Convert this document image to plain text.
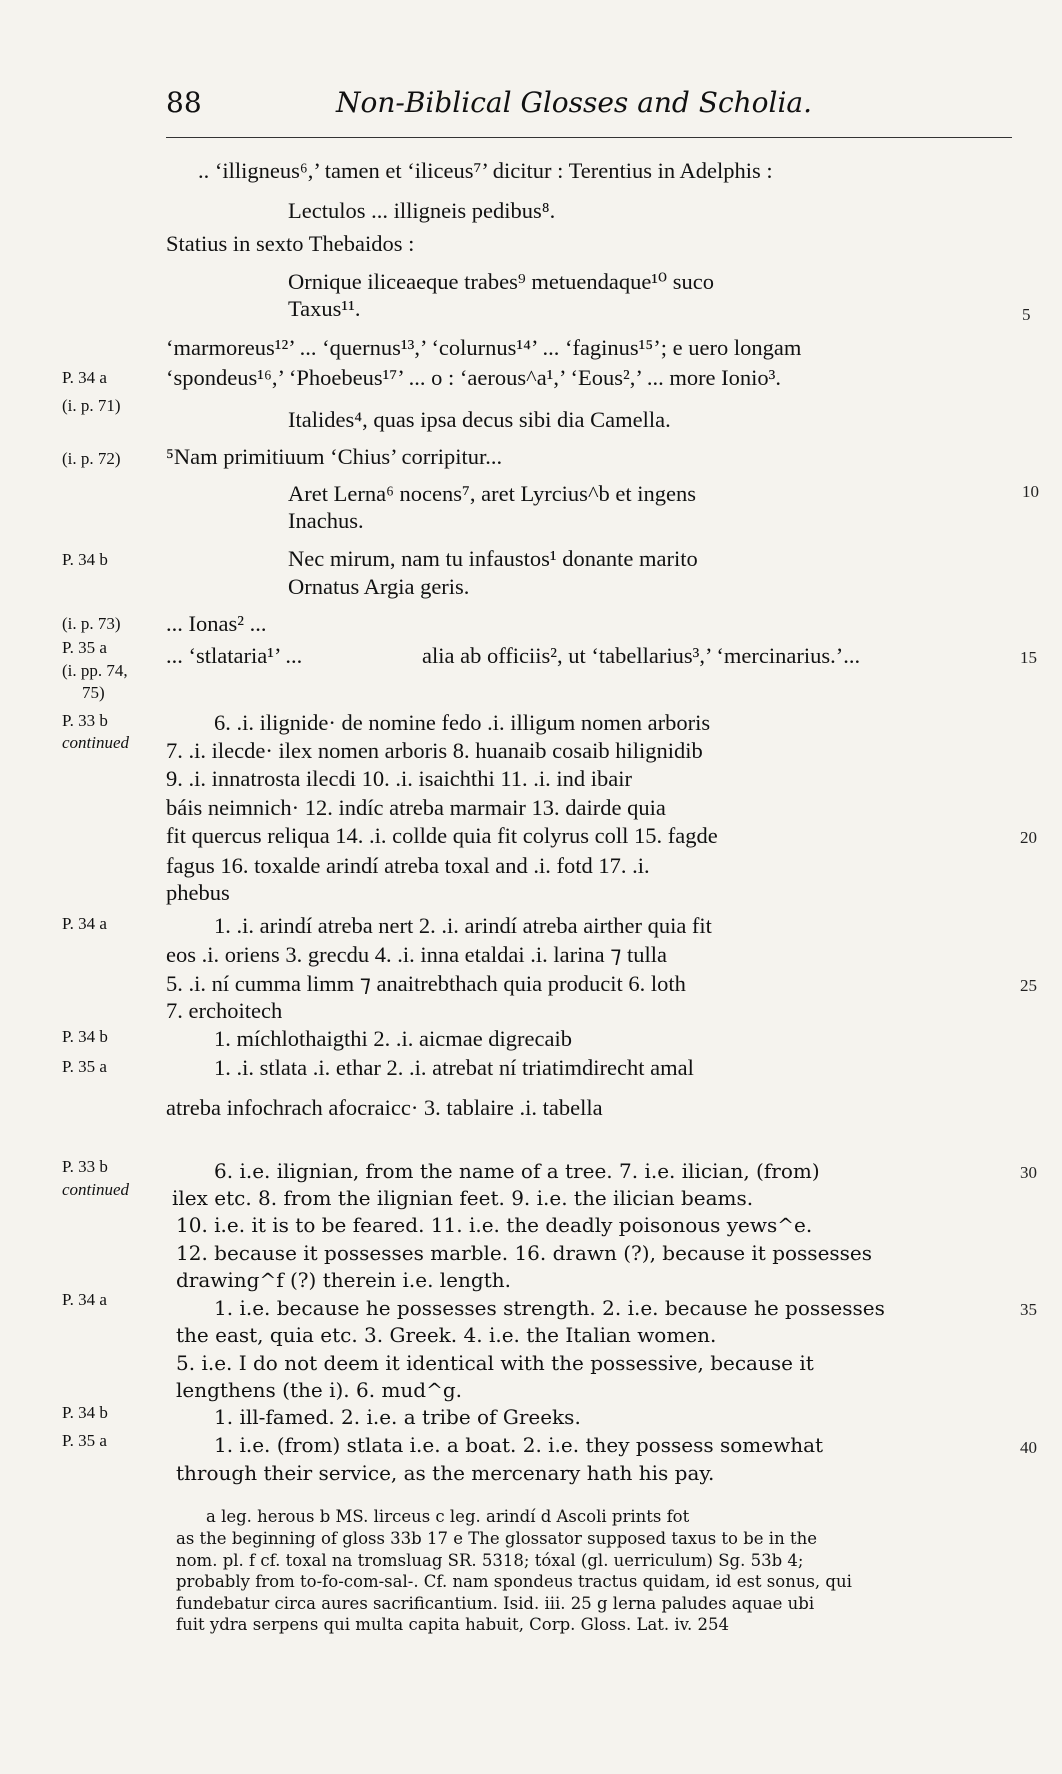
88	Non-Biblical Glosses and Scholia.
P. 34 a
(i. p. 71)
(i. p. 72)
P. 34 b
(i. p. 73)
P. 35 a
(i. pp. 74,
75)
P. 33 b
continued
P. 34 a
P. 34 b
P. 35 a
P. 33 b
continued
P. 34 a
P. 34 b
P. 35 a
5
10
15
20
25
30
35
40
.. ‘illigneus⁶,’ tamen et ‘iliceus⁷’ dicitur : Terentius in Adelphis :
Lectulos ... illigneis pedibus⁸.
Statius in sexto Thebaidos :
Ornique iliceaeque trabes⁹ metuendaque¹⁰ suco
Taxus¹¹.
‘marmoreus¹²’ ... ‘quernus¹³,’ ‘colurnus¹⁴’ ... ‘faginus¹⁵’; e uero longam
‘spondeus¹⁶,’ ‘Phoebeus¹⁷’ ... o : ‘aerous^a¹,’ ‘Eous²,’ ... more Ionio³.
Italides⁴, quas ipsa decus sibi dia Camella.
⁵Nam primitiuum ‘Chius’ corripitur...
Aret Lerna⁶ nocens⁷, aret Lyrcius^b et ingens
Inachus.
Nec mirum, nam tu infaustos¹ donante marito
Ornatus Argia geris.
... Ionas² ...
... ‘stlataria¹’ ...	alia ab officiis², ut ‘tabellarius³,’ ‘mercinarius.’...
6. .i. ilignide· de nomine fedo .i. illigum nomen arboris
7. .i. ilecde· ilex nomen arboris 8. huanaib cosaib hilignidib
9. .i. innatrosta ilecdi 10. .i. isaichthi 11. .i. ind ibair
báis neimnich· 12. indíc atreba marmair 13. dairde quia
fit quercus reliqua 14. .i. collde quia fit colyrus coll 15. fagde
fagus 16. toxalde arindí atreba toxal and .i. fotd 17. .i.
phebus
1. .i. arindí atreba nert 2. .i. arindí atreba airther quia fit
eos .i. oriens 3. grecdu 4. .i. inna etaldai .i. larina ⁊ tulla
5. .i. ní cumma limm ⁊ anaitrebthach quia producit 6. loth
7. erchoitech
1. míchlothaigthi 2. .i. aicmae digrecaib
1. .i. stlata .i. ethar 2. .i. atrebat ní triatimdirecht amal
atreba infochrach afocraicc· 3. tablaire .i. tabella
6. i.e. ilignian, from the name of a tree. 7. i.e. ilician, (from)
ilex etc. 8. from the ilignian feet. 9. i.e. the ilician beams.
10. i.e. it is to be feared. 11. i.e. the deadly poisonous yews^e.
12. because it possesses marble. 16. drawn (?), because it possesses
drawing^f (?) therein i.e. length.
1. i.e. because he possesses strength. 2. i.e. because he possesses
the east, quia etc. 3. Greek. 4. i.e. the Italian women.
5. i.e. I do not deem it identical with the possessive, because it
lengthens (the i). 6. mud^g.
1. ill-famed. 2. i.e. a tribe of Greeks.
1. i.e. (from) stlata i.e. a boat. 2. i.e. they possess somewhat
through their service, as the mercenary hath his pay.
a leg. herous b MS. lirceus c leg. arindí d Ascoli prints fot
as the beginning of gloss 33b 17 e The glossator supposed taxus to be in the
nom. pl. f cf. toxal na tromsluag SR. 5318; tóxal (gl. uerriculum) Sg. 53b 4;
probably from to-fo-com-sal-. Cf. nam spondeus tractus quidam, id est sonus, qui
fundebatur circa aures sacrificantium. Isid. iii. 25 g lerna paludes aquae ubi
fuit ydra serpens qui multa capita habuit, Corp. Gloss. Lat. iv. 254
